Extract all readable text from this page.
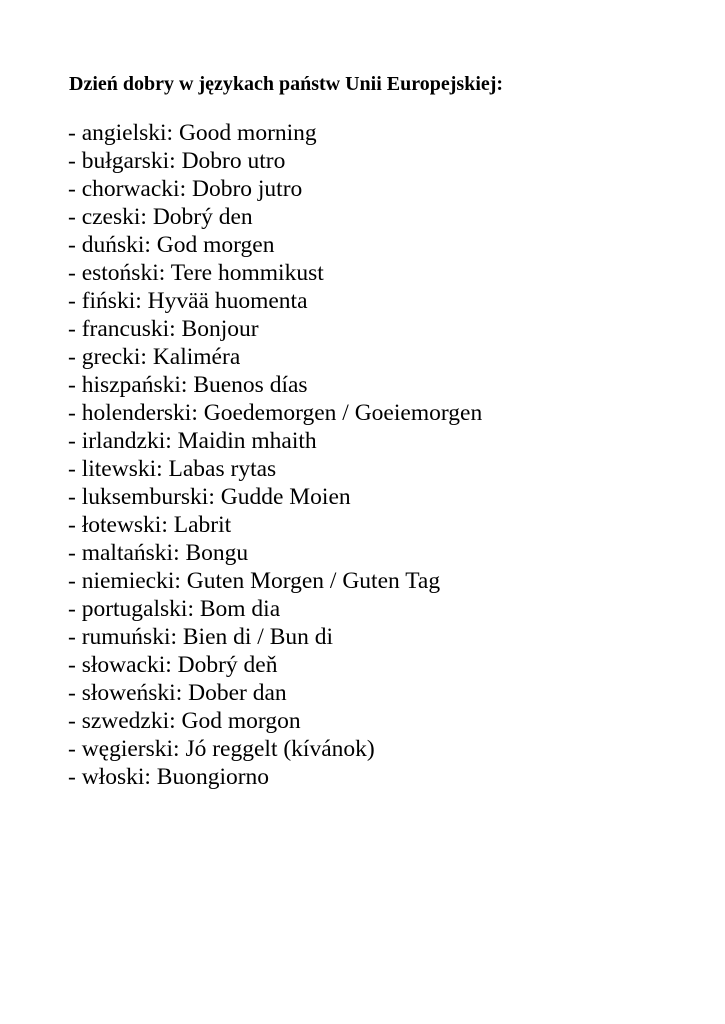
Dzień dobry w językach państw Unii Europejskiej:
- angielski: Good morning
- bułgarski: Dobro utro
- chorwacki: Dobro jutro
- czeski: Dobrý den
- duński: God morgen
- estoński: Tere hommikust
- fiński: Hyvää huomenta
- francuski: Bonjour
- grecki: Kaliméra
- hiszpański: Buenos días
- holenderski: Goedemorgen / Goeiemorgen
- irlandzki: Maidin mhaith
- litewski: Labas rytas
- luksemburski: Gudde Moien
- łotewski: Labrit
- maltański: Bongu
- niemiecki: Guten Morgen / Guten Tag
- portugalski: Bom dia
- rumuński: Bien di / Bun di
- słowacki: Dobrý deň
- słoweński: Dober dan
- szwedzki: God morgon
- węgierski: Jó reggelt (kívánok)
- włoski: Buongiorno
